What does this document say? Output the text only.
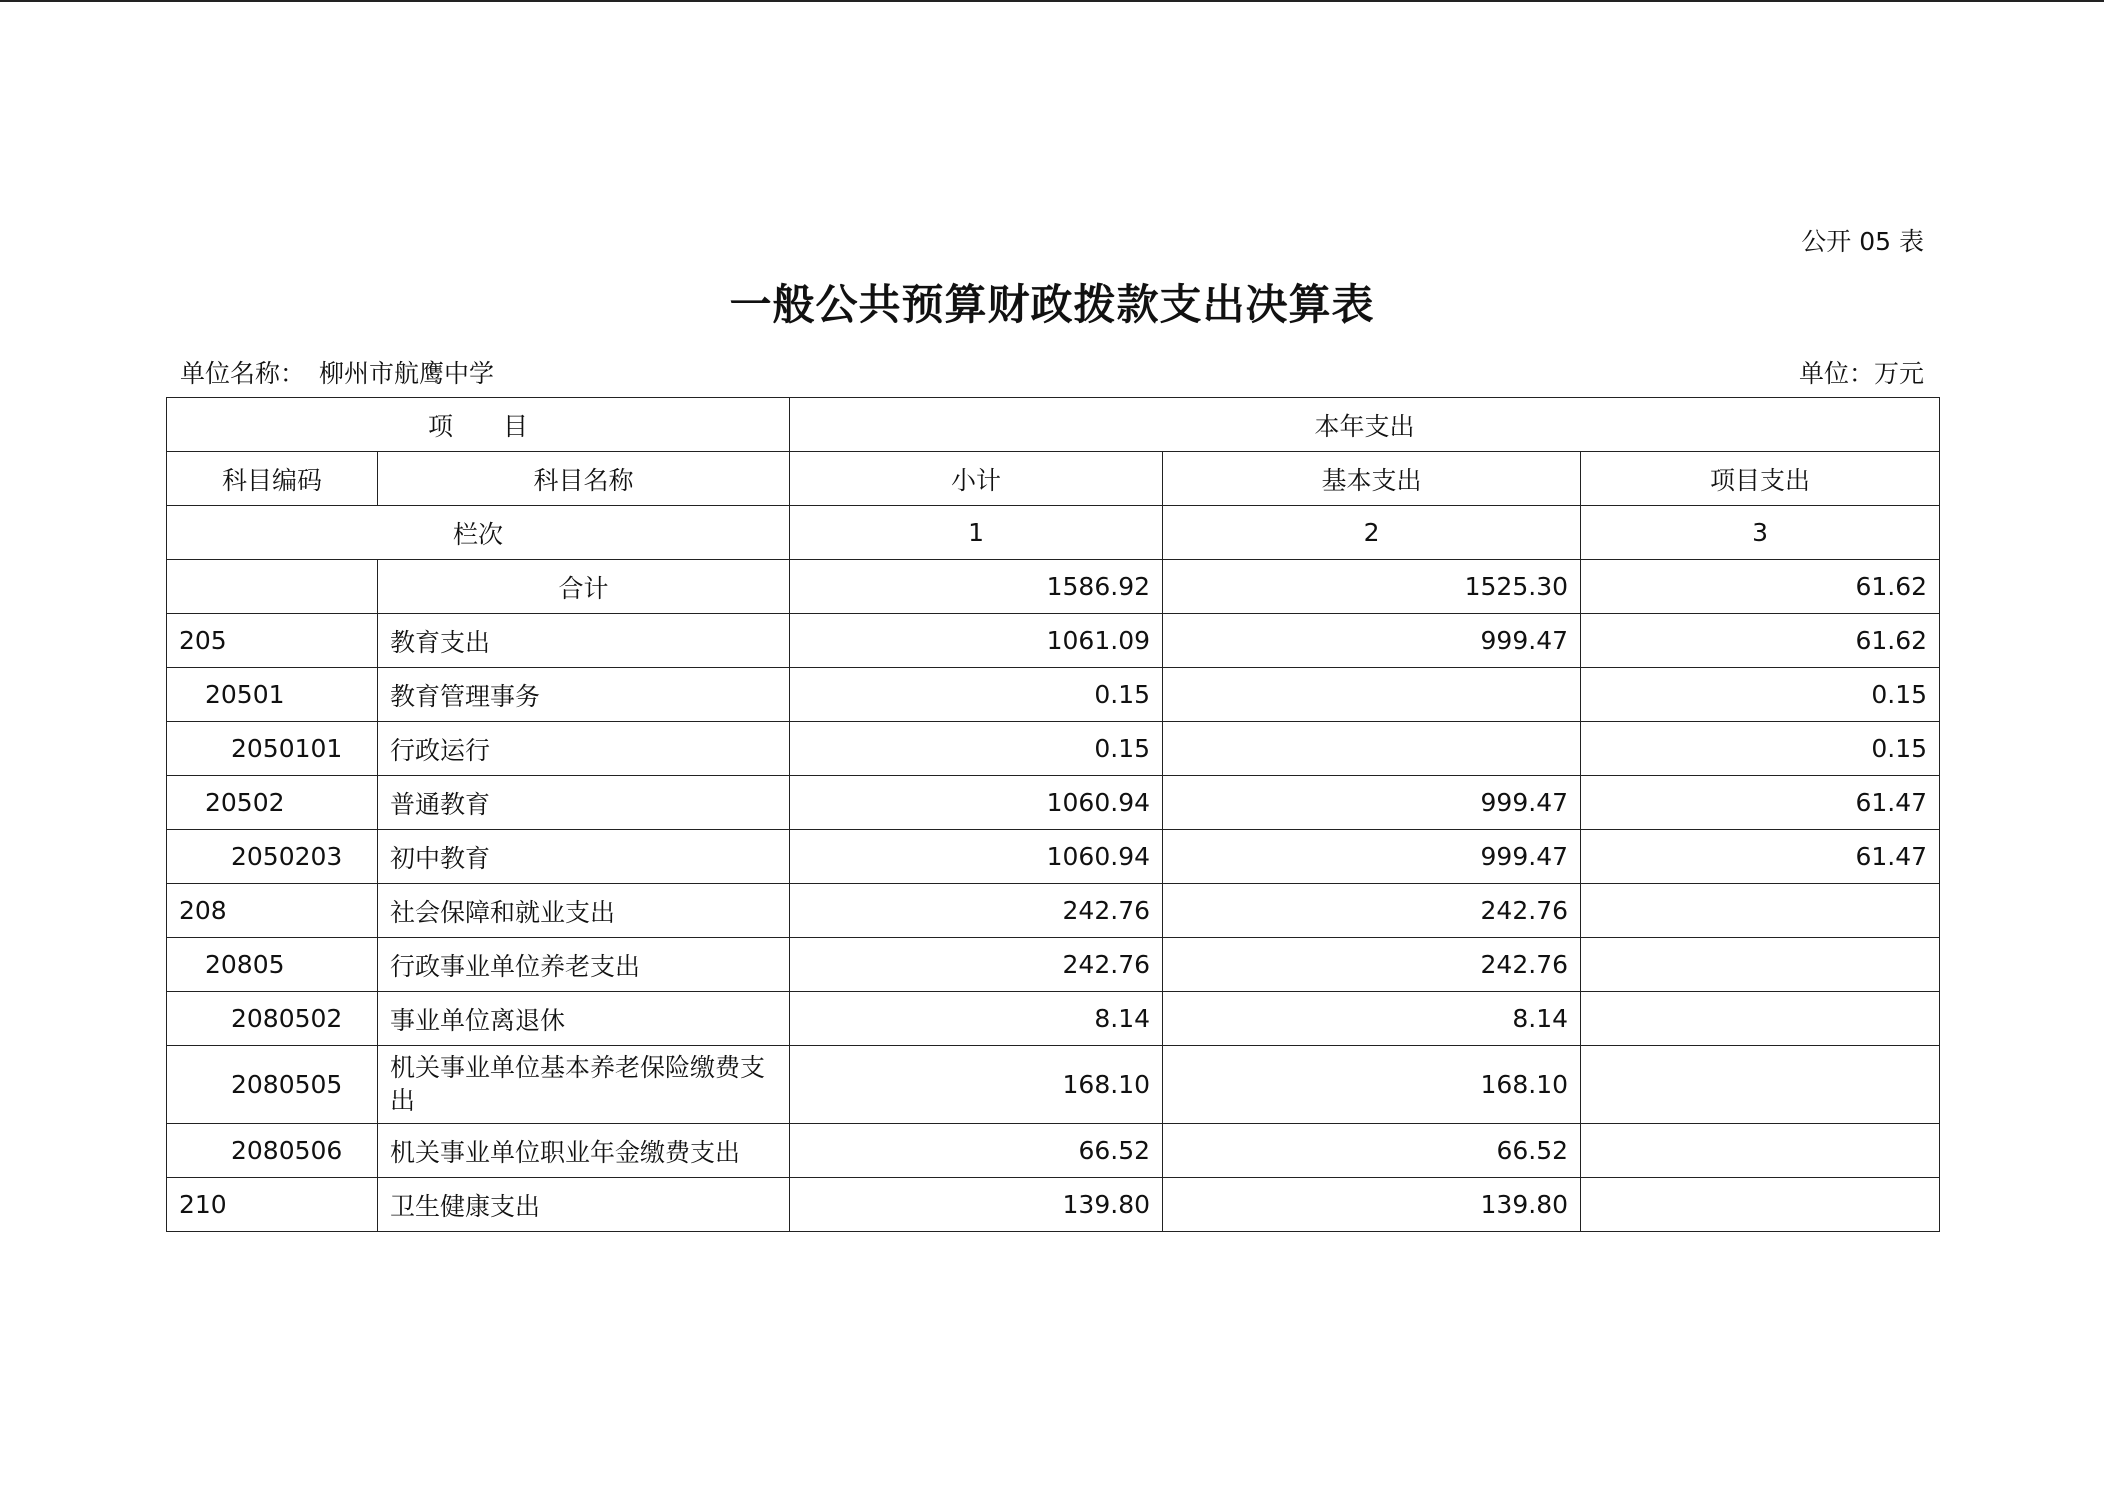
公开 05 表
一般公共预算财政拨款支出决算表
单位名称： 柳州市航鹰中学	单位：万元
项　　目		本年支出		
科目编码	科目名称	小计	基本支出	项目支出
栏次		1	2	3
	合计	1586.92	1525.30	61.62
205	教育支出	1061.09	999.47	61.62
20501	教育管理事务	0.15		0.15
2050101	行政运行	0.15		0.15
20502	普通教育	1060.94	999.47	61.47
2050203	初中教育	1060.94	999.47	61.47
208	社会保障和就业支出	242.76	242.76	
20805	行政事业单位养老支出	242.76	242.76	
2080502	事业单位离退休	8.14	8.14	
2080505	机关事业单位基本养老保险缴费支出	168.10	168.10	
2080506	机关事业单位职业年金缴费支出	66.52	66.52	
210	卫生健康支出	139.80	139.80	
